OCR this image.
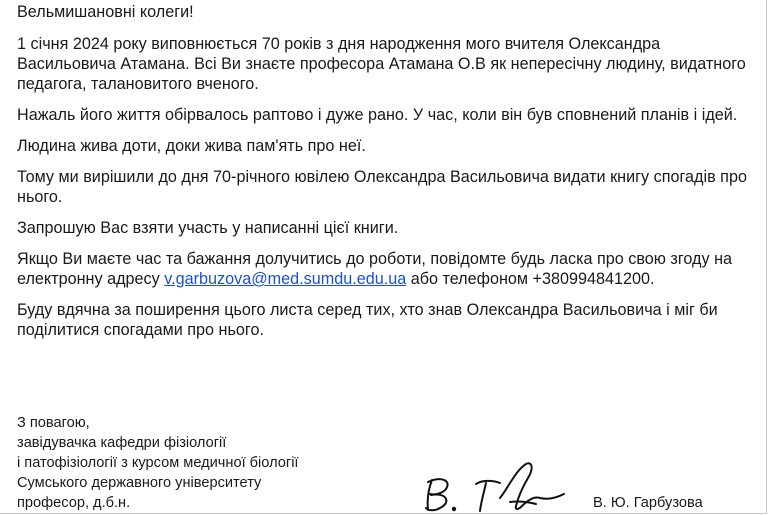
Вельмишановні колеги!

1 січня 2024 року виповнюється 70 років з дня народження мого вчителя Олександра Васильовича Атамана. Всі Ви знаєте професора Атамана О.В як непересічну людину, видатного педагога, талановитого вченого.

Нажаль його життя обірвалось раптово і дуже рано. У час, коли він був сповнений планів і ідей.

Людина жива доти, доки жива пам'ять про неї.

Тому ми вирішили до дня 70-річного ювілею Олександра Васильовича видати книгу спогадів про нього.

Запрошую Вас взяти участь у написанні цієї книги.

Якщо Ви маєте час та бажання долучитись до роботи, повідомте будь ласка про свою згоду на електронну адресу v.garbuzova@med.sumdu.edu.ua або телефоном +380994841200.

Буду вдячна за поширення цього листа серед тих, хто знав Олександра Васильовича і міг би поділитися спогадами про нього.

З повагою,
завідувачка кафедри фізіології
і патофізіології з курсом медичної біології
Сумського державного університету
професор, д.б.н.	В. Ю. Гарбузова
